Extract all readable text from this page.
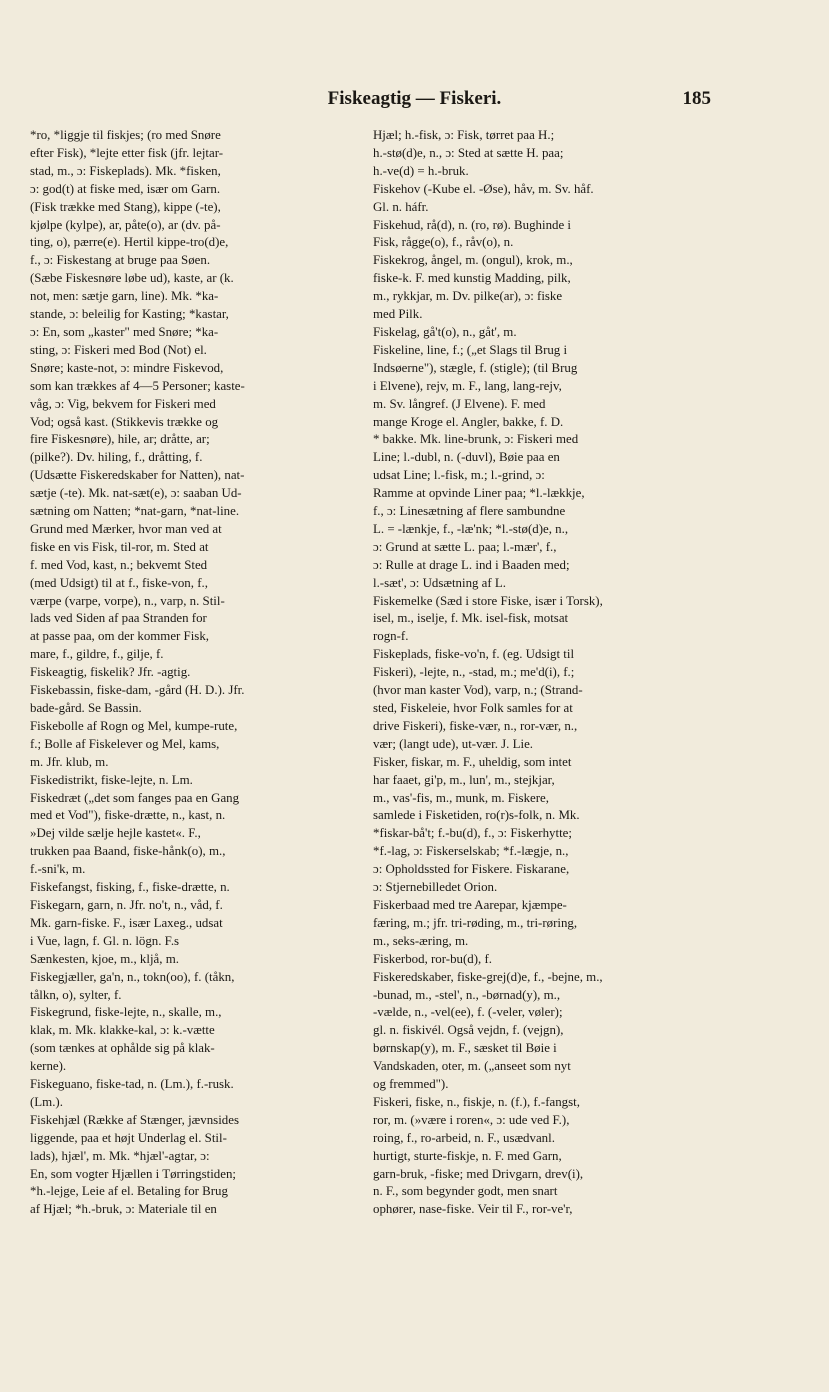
Fiskeagtig — Fiskeri.	185
*ro, *liggje til fiskjes; (ro med Snøre
efter Fisk), *lejte etter fisk (jfr. lejtar-
stad, m., ɔ: Fiskeplads). Mk. *fisken,
ɔ: god(t) at fiske med, især om Garn.
(Fisk trække med Stang), kippe (-te),
kjølpe (kylpe), ar, påte(o), ar (dv. på-
ting, o), pærre(e). Hertil kippe-tro(d)e,
f., ɔ: Fiskestang at bruge paa Søen.
(Sæbe Fiskesnøre løbe ud), kaste, ar (k.
not, men: sætje garn, line). Mk. *ka-
stande, ɔ: beleilig for Kasting; *kastar,
ɔ: En, som „kaster" med Snøre; *ka-
sting, ɔ: Fiskeri med Bod (Not) el.
Snøre; kaste-not, ɔ: mindre Fiskevod,
som kan trækkes af 4—5 Personer; kaste-
våg, ɔ: Vig, bekvem for Fiskeri med
Vod; også kast. (Stikkevis trække og
fire Fiskesnøre), hile, ar; dråtte, ar;
(pilke?). Dv. hiling, f., dråtting, f.
(Udsætte Fiskeredskaber for Natten), nat-
sætje (-te). Mk. nat-sæt(e), ɔ: saaban Ud-
sætning om Natten; *nat-garn, *nat-line.
Grund med Mærker, hvor man ved at
fiske en vis Fisk, til-ror, m. Sted at
f. med Vod, kast, n.; bekvemt Sted
(med Udsigt) til at f., fiske-von, f.,
værpe (varpe, vorpe), n., varp, n. Stil-
lads ved Siden af paa Stranden for
at passe paa, om der kommer Fisk,
mare, f., gildre, f., gilje, f.
Fiskeagtig, fiskelik? Jfr. -agtig.
Fiskebassin, fiske-dam, -gård (H. D.). Jfr.
bade-gård. Se Bassin.
Fiskebolle af Rogn og Mel, kumpe-rute,
f.; Bolle af Fiskelever og Mel, kams,
m. Jfr. klub, m.
Fiskedistrikt, fiske-lejte, n. Lm.
Fiskedræt („det som fanges paa en Gang
med et Vod"), fiske-drætte, n., kast, n.
»Dej vilde sælje hejle kastet«. F.,
trukken paa Baand, fiske-hånk(o), m.,
f.-sni'k, m.
Fiskefangst, fisking, f., fiske-drætte, n.
Fiskegarn, garn, n. Jfr. no't, n., våd, f.
Mk. garn-fiske. F., især Laxeg., udsat
i Vue, lagn, f. Gl. n. lögn. F.s
Sænkesten, kjoe, m., kljå, m.
Fiskegjæller, ga'n, n., tokn(oo), f. (tåkn,
tålkn, o), sylter, f.
Fiskegrund, fiske-lejte, n., skalle, m.,
klak, m. Mk. klakke-kal, ɔ: k.-vætte
(som tænkes at ophålde sig på klak-
kerne).
Fiskeguano, fiske-tad, n. (Lm.), f.-rusk.
(Lm.).
Fiskehjæl (Række af Stænger, jævnsides
liggende, paa et højt Underlag el. Stil-
lads), hjæl', m. Mk. *hjæl'-agtar, ɔ:
En, som vogter Hjællen i Tørringstiden;
*h.-lejge, Leie af el. Betaling for Brug
af Hjæl; *h.-bruk, ɔ: Materiale til en
Hjæl; h.-fisk, ɔ: Fisk, tørret paa H.;
h.-stø(d)e, n., ɔ: Sted at sætte H. paa;
h.-ve(d) = h.-bruk.
Fiskehov (-Kube el. -Øse), håv, m. Sv. håf.
Gl. n. háfr.
Fiskehud, rå(d), n. (ro, rø). Bughinde i
Fisk, rågge(o), f., råv(o), n.
Fiskekrog, ångel, m. (ongul), krok, m.,
fiske-k. F. med kunstig Madding, pilk,
m., rykkjar, m. Dv. pilke(ar), ɔ: fiske
med Pilk.
Fiskelag, gå't(o), n., gåt', m.
Fiskeline, line, f.; („et Slags til Brug i
Indsøerne"), stægle, f. (stigle); (til Brug
i Elvene), rejv, m. F., lang, lang-rejv,
m. Sv. långref. (J Elvene). F. med
mange Kroge el. Angler, bakke, f. D.
* bakke. Mk. line-brunk, ɔ: Fiskeri med
Line; l.-dubl, n. (-duvl), Bøie paa en
udsat Line; l.-fisk, m.; l.-grind, ɔ:
Ramme at opvinde Liner paa; *l.-lækkje,
f., ɔ: Linesætning af flere sambundne
L. = -lænkje, f., -læ'nk; *l.-stø(d)e, n.,
ɔ: Grund at sætte L. paa; l.-mær', f.,
ɔ: Rulle at drage L. ind i Baaden med;
l.-sæt', ɔ: Udsætning af L.
Fiskemelke (Sæd i store Fiske, især i Torsk),
isel, m., iselje, f. Mk. isel-fisk, motsat
rogn-f.
Fiskeplads, fiske-vo'n, f. (eg. Udsigt til
Fiskeri), -lejte, n., -stad, m.; me'd(i), f.;
(hvor man kaster Vod), varp, n.; (Strand-
sted, Fiskeleie, hvor Folk samles for at
drive Fiskeri), fiske-vær, n., ror-vær, n.,
vær; (langt ude), ut-vær. J. Lie.
Fisker, fiskar, m. F., uheldig, som intet
har faaet, gi'p, m., lun', m., stejkjar,
m., vas'-fis, m., munk, m. Fiskere,
samlede i Fisketiden, ro(r)s-folk, n. Mk.
*fiskar-bå't; f.-bu(d), f., ɔ: Fiskerhytte;
*f.-lag, ɔ: Fiskerselskab; *f.-lægje, n.,
ɔ: Opholdssted for Fiskere. Fiskarane,
ɔ: Stjernebilledet Orion.
Fiskerbaad med tre Aarepar, kjæmpe-
færing, m.; jfr. tri-røding, m., tri-røring,
m., seks-æring, m.
Fiskerbod, ror-bu(d), f.
Fiskeredskaber, fiske-grej(d)e, f., -bejne, m.,
-bunad, m., -stel', n., -børnad(y), m.,
-vælde, n., -vel(ee), f. (-veler, vøler);
gl. n. fiskivél. Også vejdn, f. (vejgn),
børnskap(y), m. F., sæsket til Bøie i
Vandskaden, oter, m. („anseet som nyt
og fremmed").
Fiskeri, fiske, n., fiskje, n. (f.), f.-fangst,
ror, m. (»være i roren«, ɔ: ude ved F.),
roing, f., ro-arbeid, n. F., usædvanl.
hurtigt, sturte-fiskje, n. F. med Garn,
garn-bruk, -fiske; med Drivgarn, drev(i),
n. F., som begynder godt, men snart
ophører, nase-fiske. Veir til F., ror-ve'r,
